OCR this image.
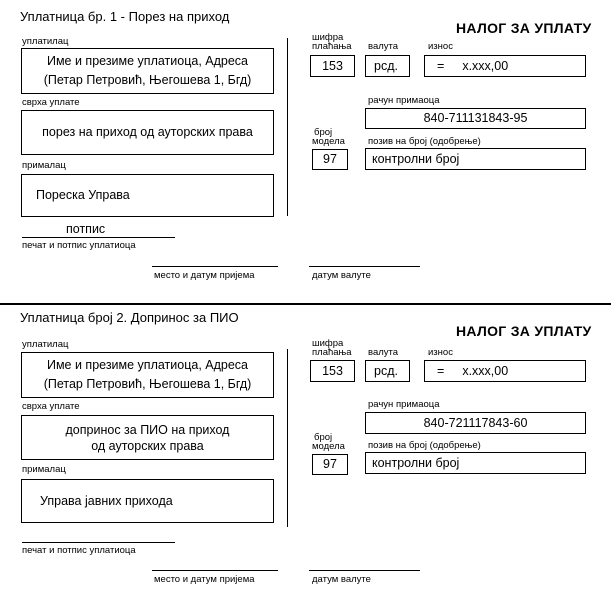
Уплатница бр. 1 - Порез на приход
НАЛОГ ЗА УПЛАТУ
уплатилац
Име и презиме уплатиоца, Адреса
(Петар Петровић, Његошева 1, Бгд)
сврха уплате
порез на приход од ауторских права
прималац
Пореска Управа
потпис
печат и потпис уплатиоца
место и датум пријема	датум валуте
шифра
плаћања
153
валута
рсд.
износ
= x.xxx,00
рачун примаоца
840-711131843-95
број
модела
97
позив на број (одобрење)
контролни број
Уплатница број 2. Допринос за ПИО
НАЛОГ ЗА УПЛАТУ
уплатилац
Име и презиме уплатиоца, Адреса
(Петар Петровић, Његошева 1, Бгд)
сврха уплате
допринос за ПИО на приход
од ауторских права
прималац
Управа јавних прихода
печат и потпис уплатиоца
место и датум пријема	датум валуте
шифра
плаћања
153
валута
рсд.
износ
= x.xxx,00
рачун примаоца
840-721117843-60
број
модела
97
позив на број (одобрење)
контролни број
